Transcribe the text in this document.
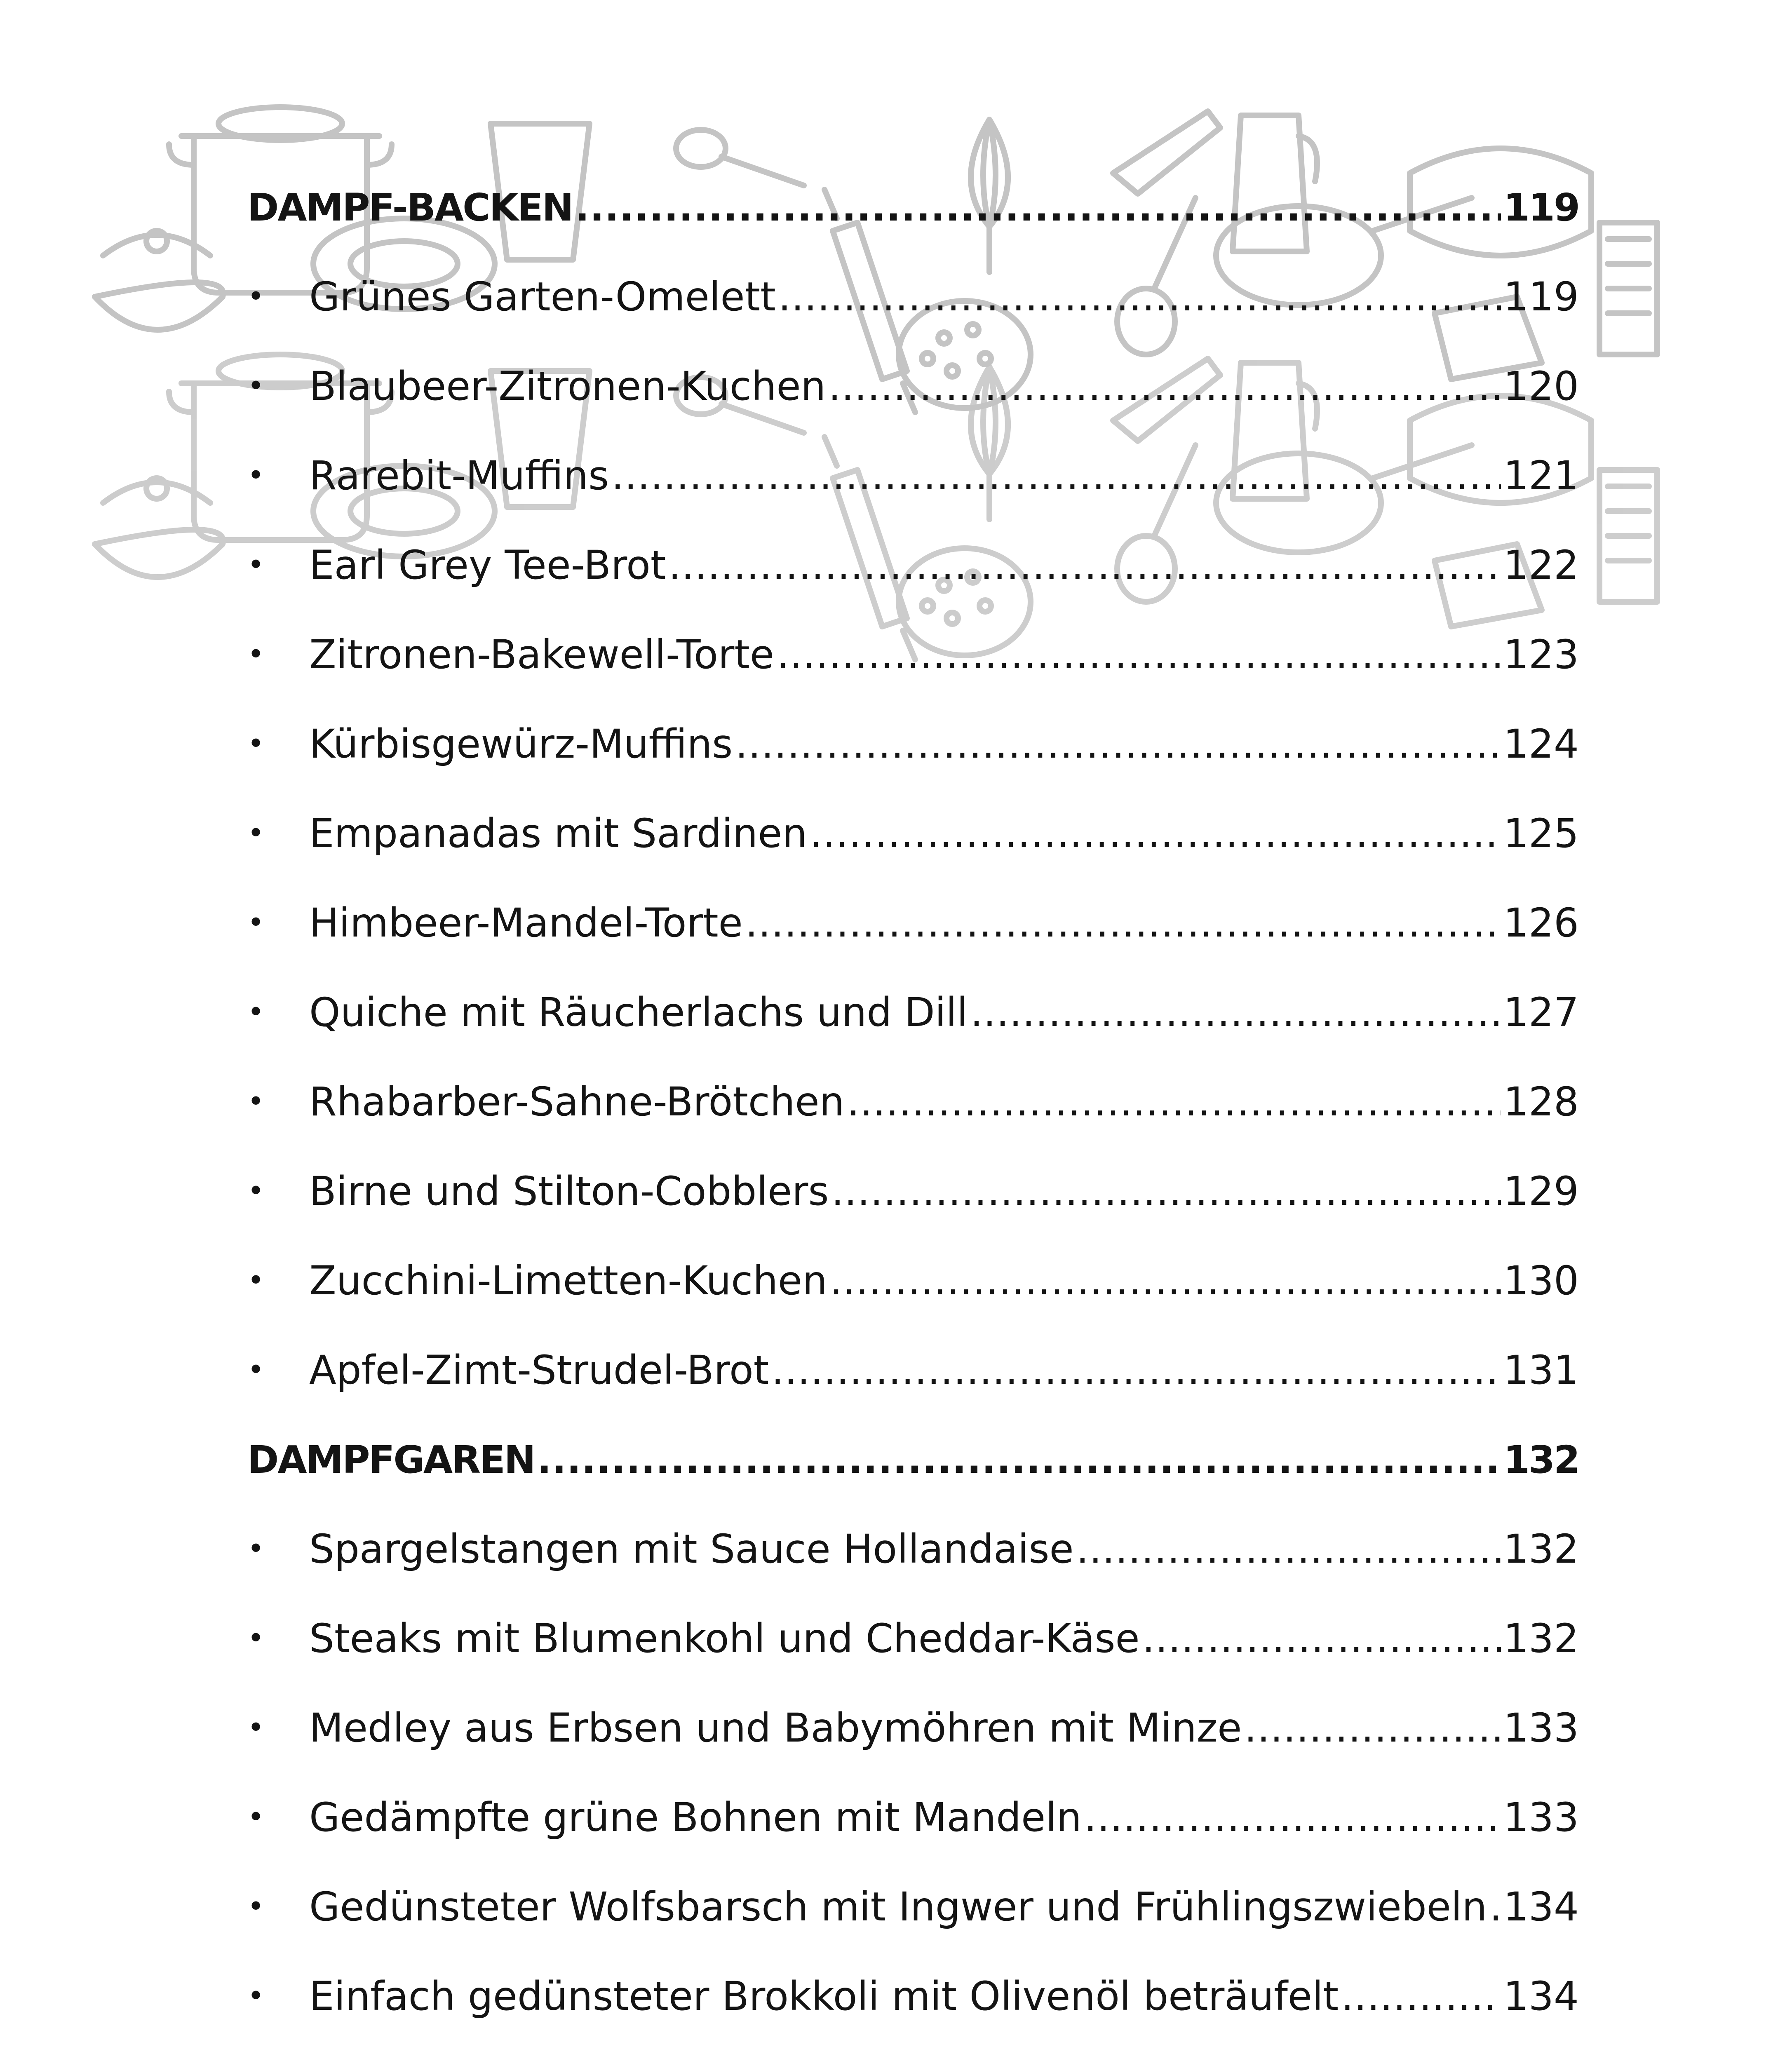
DAMPF-BACKEN .....	119
•	Grünes Garten-Omelett .....	119
•	Blaubeer-Zitronen-Kuchen .....	120
•	Rarebit-Muffins .....	121
•	Earl Grey Tee-Brot .....	122
•	Zitronen-Bakewell-Torte .....	123
•	Kürbisgewürz-Muffins .....	124
•	Empanadas mit Sardinen .....	125
•	Himbeer-Mandel-Torte .....	126
•	Quiche mit Räucherlachs und Dill .....	127
•	Rhabarber-Sahne-Brötchen .....	128
•	Birne und Stilton-Cobblers .....	129
•	Zucchini-Limetten-Kuchen .....	130
•	Apfel-Zimt-Strudel-Brot .....	131
DAMPFGAREN .....	132
•	Spargelstangen mit Sauce Hollandaise .....	132
•	Steaks mit Blumenkohl und Cheddar-Käse .....	132
•	Medley aus Erbsen und Babymöhren mit Minze .....	133
•	Gedämpfte grüne Bohnen mit Mandeln .....	133
•	Gedünsteter Wolfsbarsch mit Ingwer und Frühlingszwiebeln ..... 134
•	Einfach gedünsteter Brokkoli mit Olivenöl beträufelt .....	134
.....
